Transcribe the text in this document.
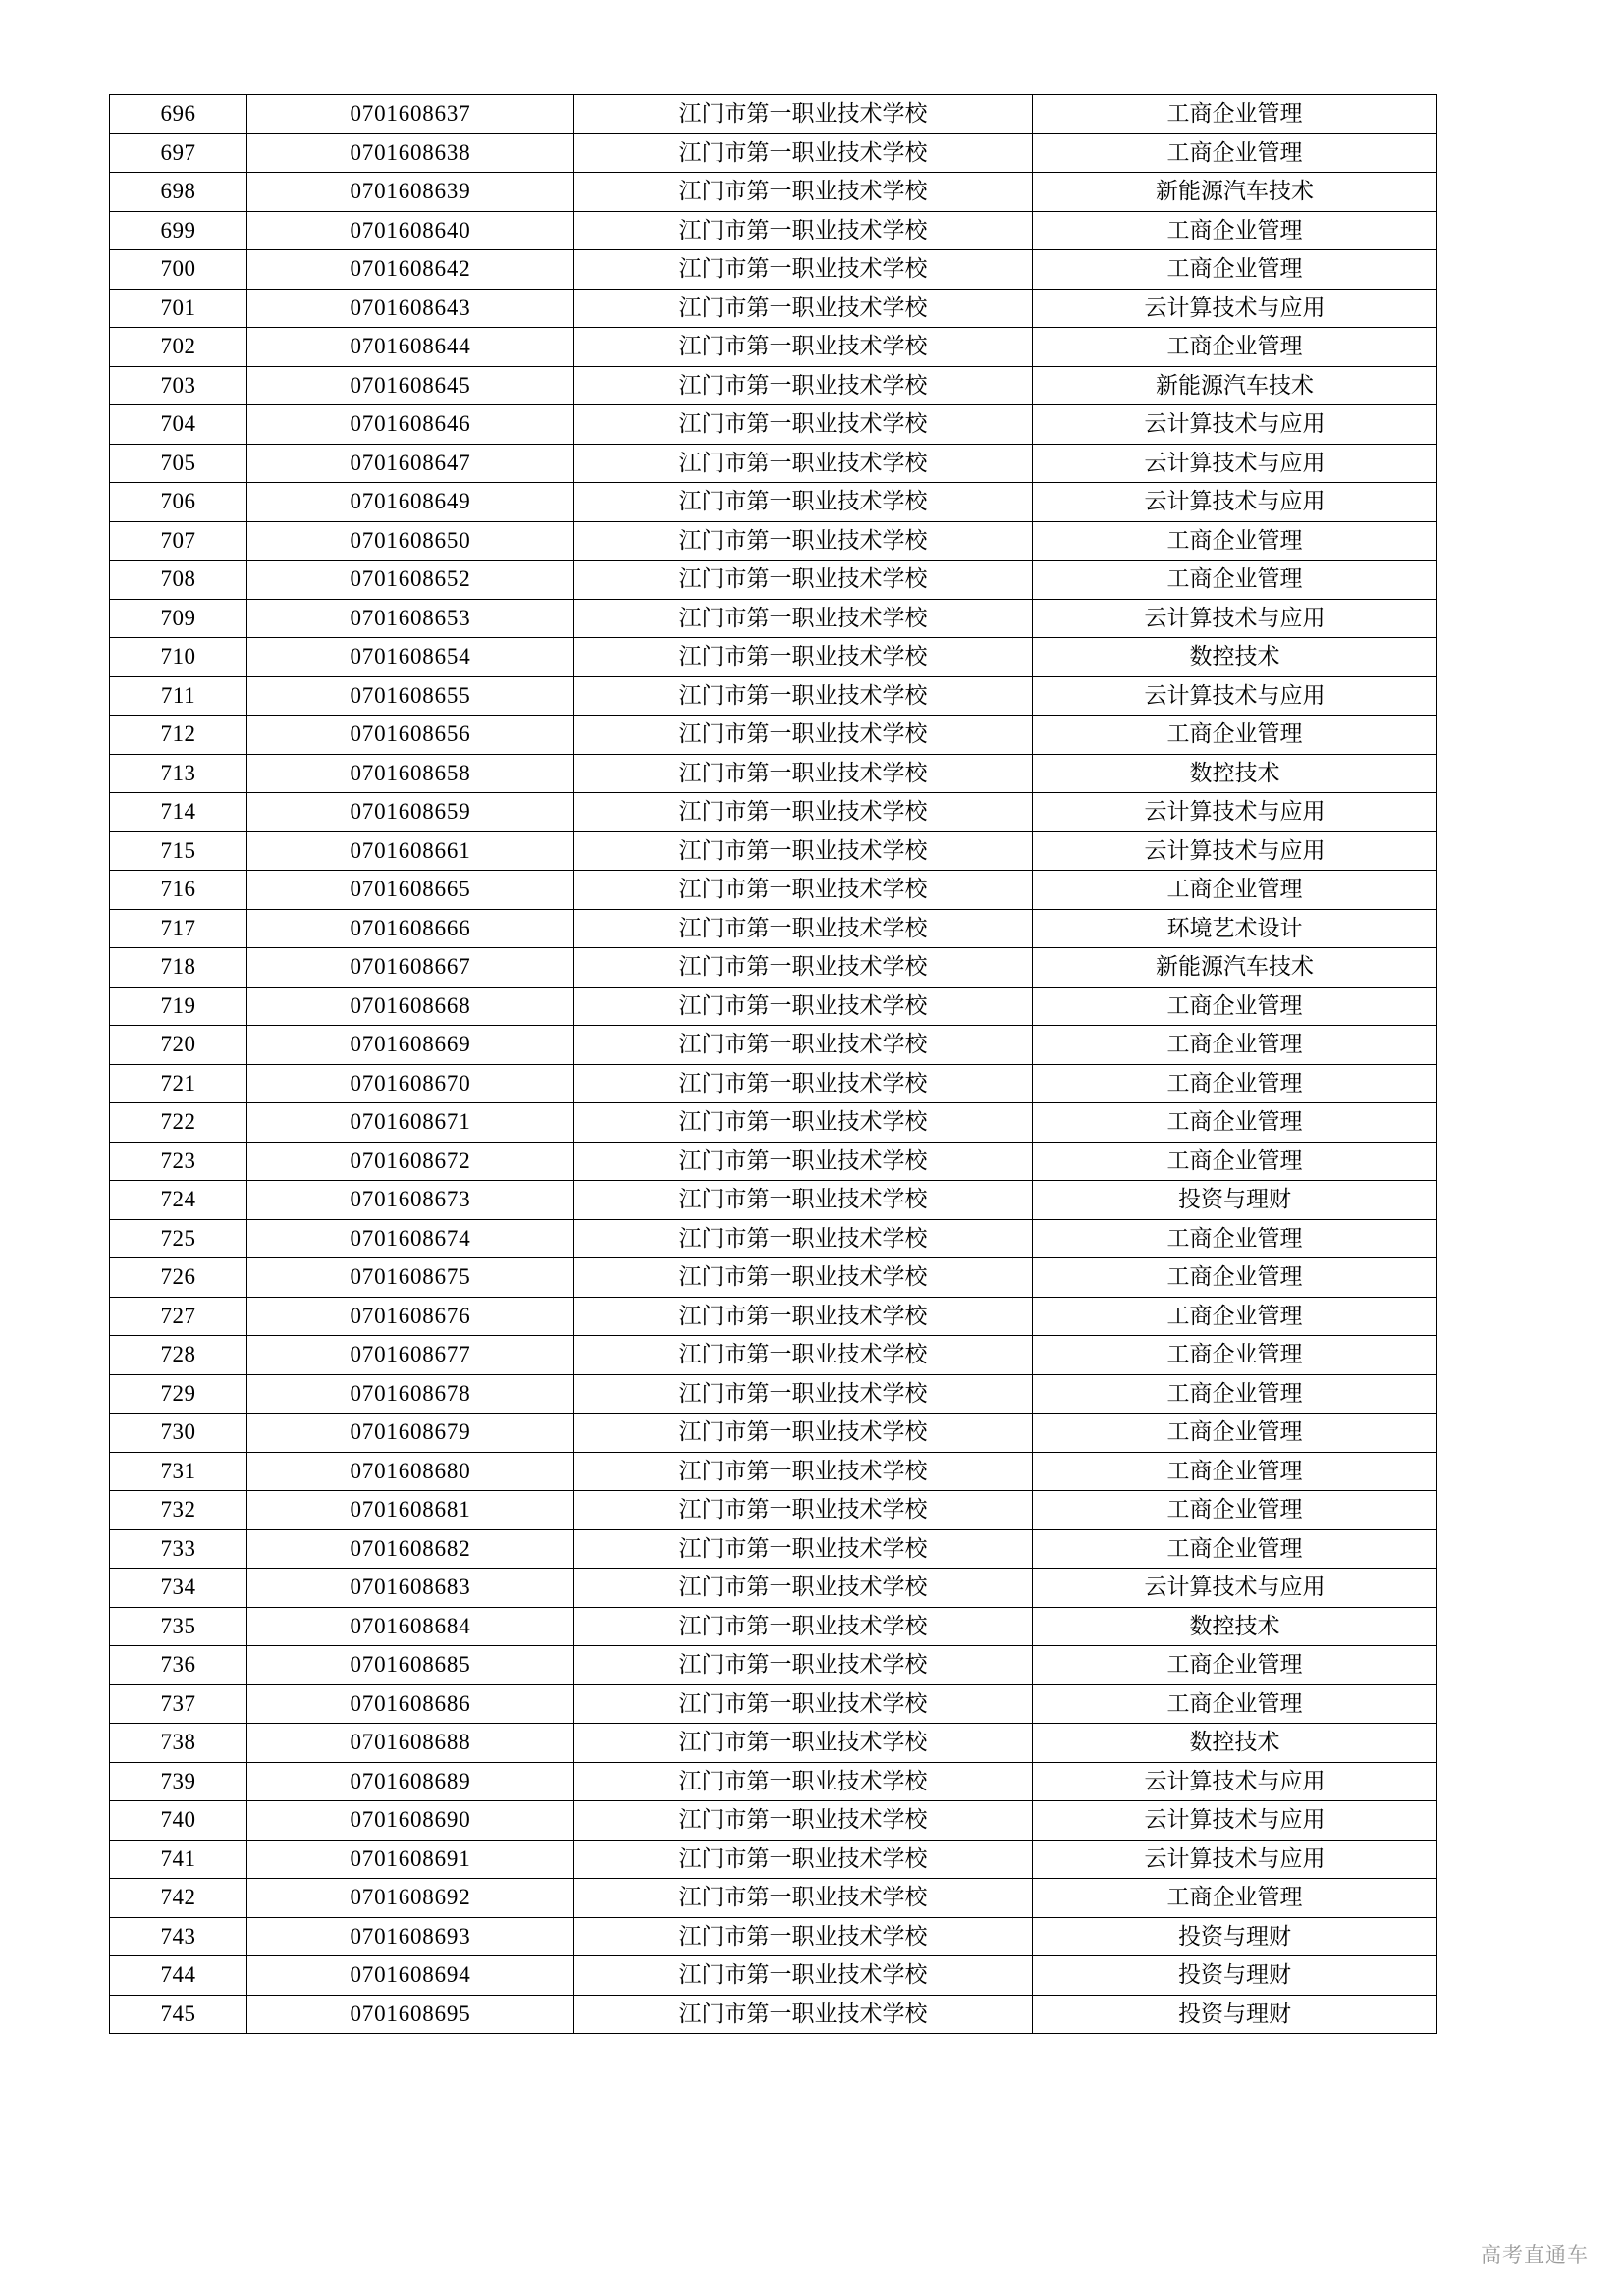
696	0701608637	江门市第一职业技术学校	工商企业管理
697	0701608638	江门市第一职业技术学校	工商企业管理
698	0701608639	江门市第一职业技术学校	新能源汽车技术
699	0701608640	江门市第一职业技术学校	工商企业管理
700	0701608642	江门市第一职业技术学校	工商企业管理
701	0701608643	江门市第一职业技术学校	云计算技术与应用
702	0701608644	江门市第一职业技术学校	工商企业管理
703	0701608645	江门市第一职业技术学校	新能源汽车技术
704	0701608646	江门市第一职业技术学校	云计算技术与应用
705	0701608647	江门市第一职业技术学校	云计算技术与应用
706	0701608649	江门市第一职业技术学校	云计算技术与应用
707	0701608650	江门市第一职业技术学校	工商企业管理
708	0701608652	江门市第一职业技术学校	工商企业管理
709	0701608653	江门市第一职业技术学校	云计算技术与应用
710	0701608654	江门市第一职业技术学校	数控技术
711	0701608655	江门市第一职业技术学校	云计算技术与应用
712	0701608656	江门市第一职业技术学校	工商企业管理
713	0701608658	江门市第一职业技术学校	数控技术
714	0701608659	江门市第一职业技术学校	云计算技术与应用
715	0701608661	江门市第一职业技术学校	云计算技术与应用
716	0701608665	江门市第一职业技术学校	工商企业管理
717	0701608666	江门市第一职业技术学校	环境艺术设计
718	0701608667	江门市第一职业技术学校	新能源汽车技术
719	0701608668	江门市第一职业技术学校	工商企业管理
720	0701608669	江门市第一职业技术学校	工商企业管理
721	0701608670	江门市第一职业技术学校	工商企业管理
722	0701608671	江门市第一职业技术学校	工商企业管理
723	0701608672	江门市第一职业技术学校	工商企业管理
724	0701608673	江门市第一职业技术学校	投资与理财
725	0701608674	江门市第一职业技术学校	工商企业管理
726	0701608675	江门市第一职业技术学校	工商企业管理
727	0701608676	江门市第一职业技术学校	工商企业管理
728	0701608677	江门市第一职业技术学校	工商企业管理
729	0701608678	江门市第一职业技术学校	工商企业管理
730	0701608679	江门市第一职业技术学校	工商企业管理
731	0701608680	江门市第一职业技术学校	工商企业管理
732	0701608681	江门市第一职业技术学校	工商企业管理
733	0701608682	江门市第一职业技术学校	工商企业管理
734	0701608683	江门市第一职业技术学校	云计算技术与应用
735	0701608684	江门市第一职业技术学校	数控技术
736	0701608685	江门市第一职业技术学校	工商企业管理
737	0701608686	江门市第一职业技术学校	工商企业管理
738	0701608688	江门市第一职业技术学校	数控技术
739	0701608689	江门市第一职业技术学校	云计算技术与应用
740	0701608690	江门市第一职业技术学校	云计算技术与应用
741	0701608691	江门市第一职业技术学校	云计算技术与应用
742	0701608692	江门市第一职业技术学校	工商企业管理
743	0701608693	江门市第一职业技术学校	投资与理财
744	0701608694	江门市第一职业技术学校	投资与理财
745	0701608695	江门市第一职业技术学校	投资与理财
高考直通车
